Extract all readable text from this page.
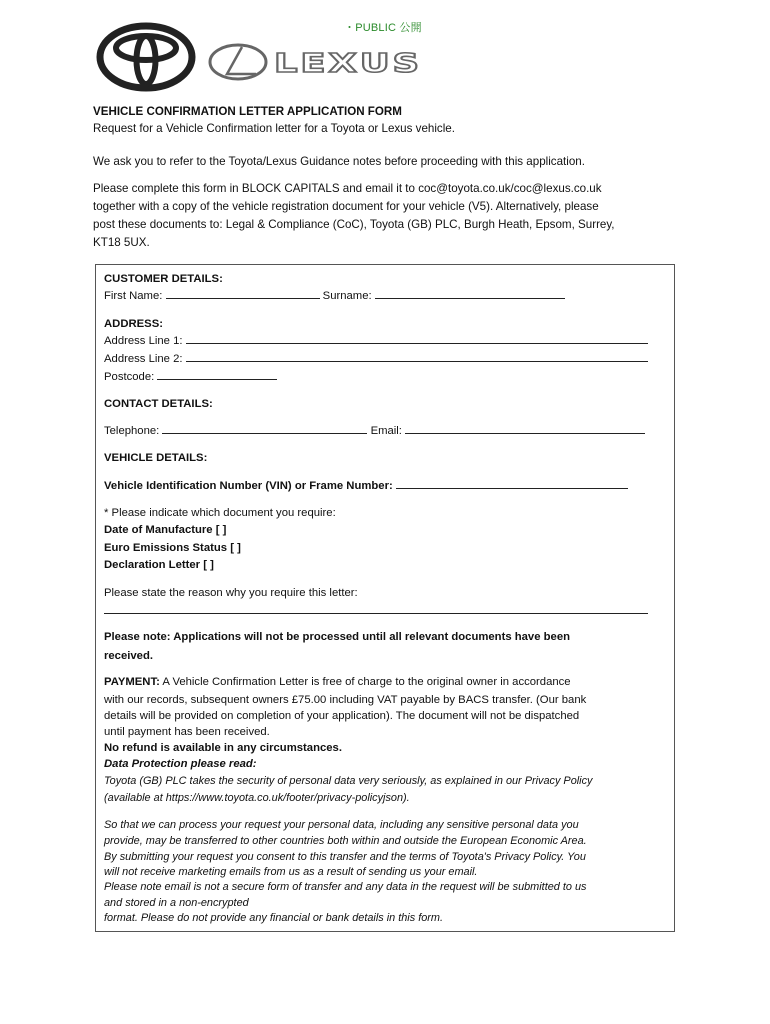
・PUBLIC 公開
LEXUS
VEHICLE CONFIRMATION LETTER APPLICATION FORM
Request for a Vehicle Confirmation letter for a Toyota or Lexus vehicle.
We ask you to refer to the Toyota/Lexus Guidance notes before proceeding with this application.
Please complete this form in BLOCK CAPITALS and email it to coc@toyota.co.uk/coc@lexus.co.uk
together with a copy of the vehicle registration document for your vehicle (V5). Alternatively, please
post these documents to: Legal & Compliance (CoC), Toyota (GB) PLC, Burgh Heath, Epsom, Surrey,
KT18 5UX.
CUSTOMER DETAILS:
First Name:	Surname:
ADDRESS:
Address Line 1:
Address Line 2:
Postcode:
CONTACT DETAILS:
Telephone:	Email:
VEHICLE DETAILS:
Vehicle Identification Number (VIN) or Frame Number:
* Please indicate which document you require:
Date of Manufacture [ ]
Euro Emissions Status [ ]
Declaration Letter [ ]
Please state the reason why you require this letter:
Please note: Applications will not be processed until all relevant documents have been
received.
PAYMENT: A Vehicle Confirmation Letter is free of charge to the original owner in accordance
with our records, subsequent owners £75.00 including VAT payable by BACS transfer. (Our bank
details will be provided on completion of your application). The document will not be dispatched
until payment has been received.
No refund is available in any circumstances.
Data Protection please read:
Toyota (GB) PLC takes the security of personal data very seriously, as explained in our Privacy Policy
(available at https://www.toyota.co.uk/footer/privacy-policyjson).
So that we can process your request your personal data, including any sensitive personal data you
provide, may be transferred to other countries both within and outside the European Economic Area.
By submitting your request you consent to this transfer and the terms of Toyota's Privacy Policy. You
will not receive marketing emails from us as a result of sending us your email.
Please note email is not a secure form of transfer and any data in the request will be submitted to us
and stored in a non-encrypted
format. Please do not provide any financial or bank details in this form.
